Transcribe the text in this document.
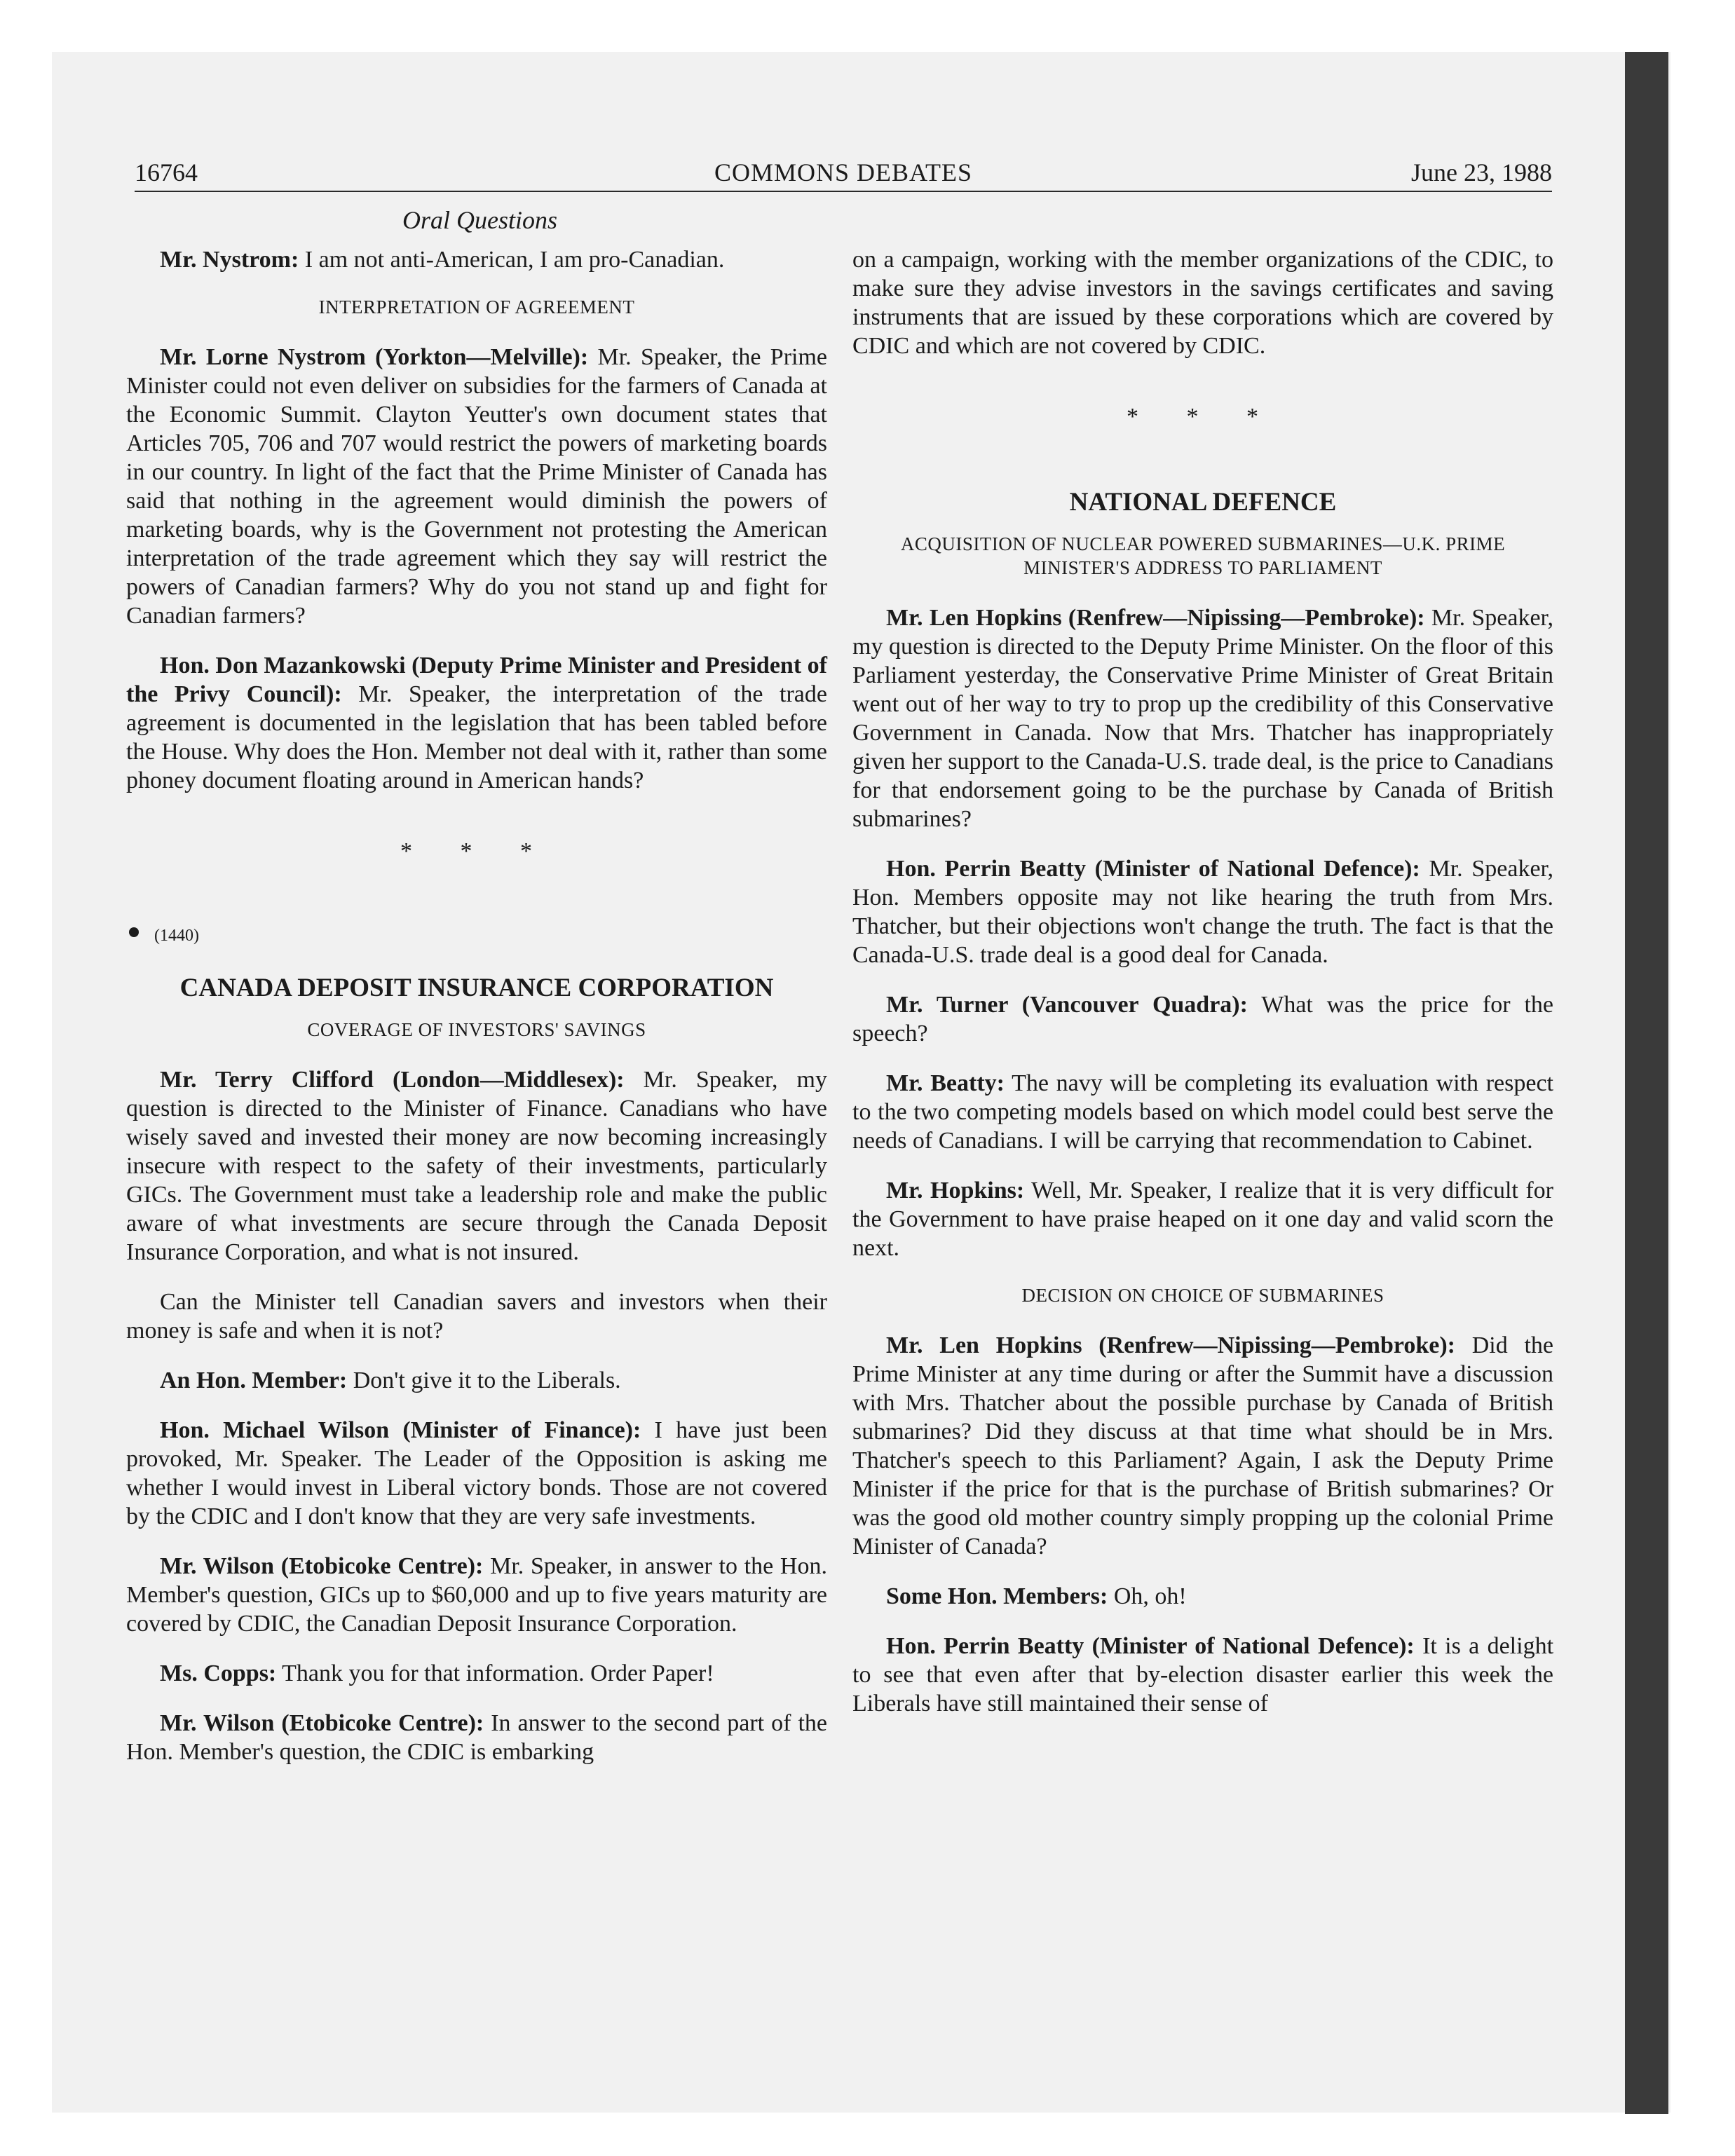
16764	COMMONS DEBATES	June 23, 1988
Oral Questions

Mr. Nystrom: I am not anti-American, I am pro-Canadian.

INTERPRETATION OF AGREEMENT

Mr. Lorne Nystrom (Yorkton—Melville): Mr. Speaker, the Prime Minister could not even deliver on subsidies for the farmers of Canada at the Economic Summit. Clayton Yeutter's own document states that Articles 705, 706 and 707 would restrict the powers of marketing boards in our country. In light of the fact that the Prime Minister of Canada has said that nothing in the agreement would diminish the powers of marketing boards, why is the Government not protesting the American interpretation of the trade agreement which they say will restrict the powers of Canadian farmers? Why do you not stand up and fight for Canadian farmers?

Hon. Don Mazankowski (Deputy Prime Minister and President of the Privy Council): Mr. Speaker, the interpretation of the trade agreement is documented in the legislation that has been tabled before the House. Why does the Hon. Member not deal with it, rather than some phoney document floating around in American hands?

* * *
(1440)
CANADA DEPOSIT INSURANCE CORPORATION
COVERAGE OF INVESTORS' SAVINGS

Mr. Terry Clifford (London—Middlesex): Mr. Speaker, my question is directed to the Minister of Finance. Canadians who have wisely saved and invested their money are now becoming increasingly insecure with respect to the safety of their investments, particularly GICs. The Government must take a leadership role and make the public aware of what investments are secure through the Canada Deposit Insurance Corporation, and what is not insured.

Can the Minister tell Canadian savers and investors when their money is safe and when it is not?

An Hon. Member: Don't give it to the Liberals.

Hon. Michael Wilson (Minister of Finance): I have just been provoked, Mr. Speaker. The Leader of the Opposition is asking me whether I would invest in Liberal victory bonds. Those are not covered by the CDIC and I don't know that they are very safe investments.

Mr. Wilson (Etobicoke Centre): Mr. Speaker, in answer to the Hon. Member's question, GICs up to $60,000 and up to five years maturity are covered by CDIC, the Canadian Deposit Insurance Corporation.

Ms. Copps: Thank you for that information. Order Paper!

Mr. Wilson (Etobicoke Centre): In answer to the second part of the Hon. Member's question, the CDIC is embarking

on a campaign, working with the member organizations of the CDIC, to make sure they advise investors in the savings certificates and saving instruments that are issued by these corporations which are covered by CDIC and which are not covered by CDIC.

* * *
NATIONAL DEFENCE
ACQUISITION OF NUCLEAR POWERED SUBMARINES—U.K. PRIME MINISTER'S ADDRESS TO PARLIAMENT

Mr. Len Hopkins (Renfrew—Nipissing—Pembroke): Mr. Speaker, my question is directed to the Deputy Prime Minister. On the floor of this Parliament yesterday, the Conservative Prime Minister of Great Britain went out of her way to try to prop up the credibility of this Conservative Government in Canada. Now that Mrs. Thatcher has inappropriately given her support to the Canada-U.S. trade deal, is the price to Canadians for that endorsement going to be the purchase by Canada of British submarines?

Hon. Perrin Beatty (Minister of National Defence): Mr. Speaker, Hon. Members opposite may not like hearing the truth from Mrs. Thatcher, but their objections won't change the truth. The fact is that the Canada-U.S. trade deal is a good deal for Canada.

Mr. Turner (Vancouver Quadra): What was the price for the speech?

Mr. Beatty: The navy will be completing its evaluation with respect to the two competing models based on which model could best serve the needs of Canadians. I will be carrying that recommendation to Cabinet.

Mr. Hopkins: Well, Mr. Speaker, I realize that it is very difficult for the Government to have praise heaped on it one day and valid scorn the next.

DECISION ON CHOICE OF SUBMARINES

Mr. Len Hopkins (Renfrew—Nipissing—Pembroke): Did the Prime Minister at any time during or after the Summit have a discussion with Mrs. Thatcher about the possible purchase by Canada of British submarines? Did they discuss at that time what should be in Mrs. Thatcher's speech to this Parliament? Again, I ask the Deputy Prime Minister if the price for that is the purchase of British submarines? Or was the good old mother country simply propping up the colonial Prime Minister of Canada?

Some Hon. Members: Oh, oh!

Hon. Perrin Beatty (Minister of National Defence): It is a delight to see that even after that by-election disaster earlier this week the Liberals have still maintained their sense of
